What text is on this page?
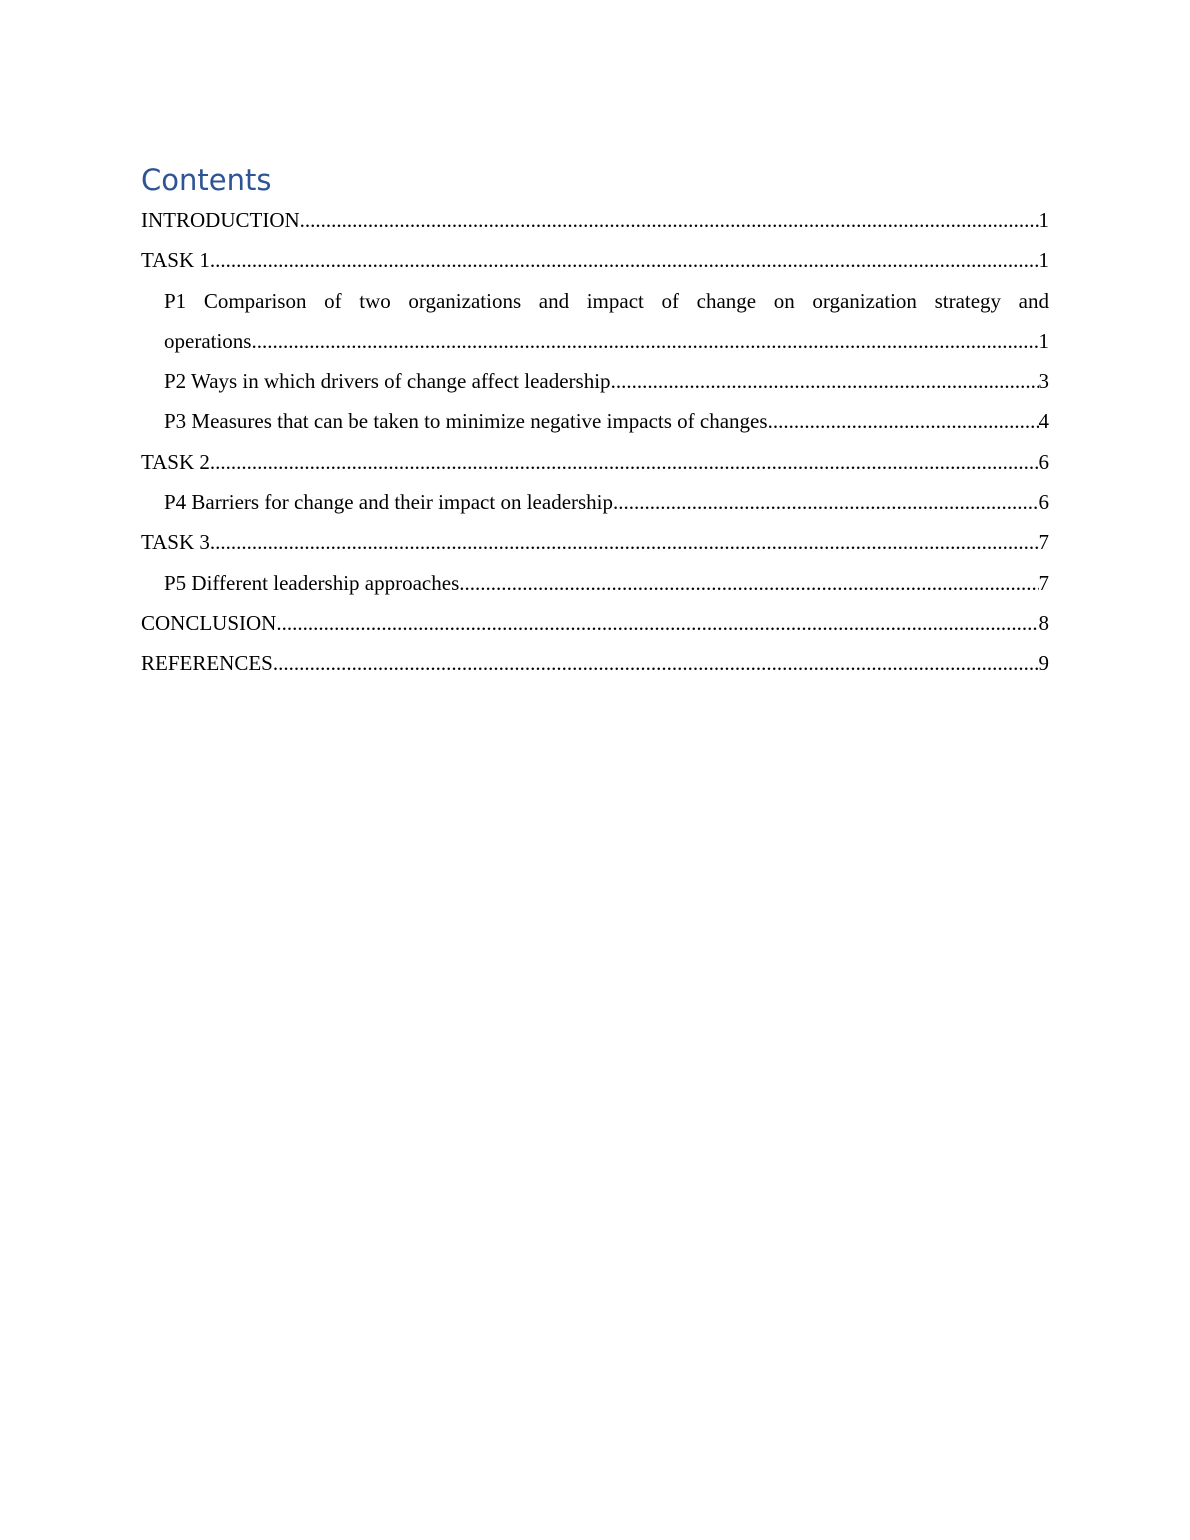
Contents
INTRODUCTION .....	1
TASK 1 .....	1
P1 Comparison of two organizations and impact of change on organization strategy and
operations .....	1
P2 Ways in which drivers of change affect leadership .....	3
P3 Measures that can be taken to minimize negative impacts of changes .....	4
TASK 2 .....	6
P4 Barriers for change and their impact on leadership .....	6
TASK 3 .....	7
P5 Different leadership approaches .....	7
CONCLUSION .....	8
REFERENCES .....	9
